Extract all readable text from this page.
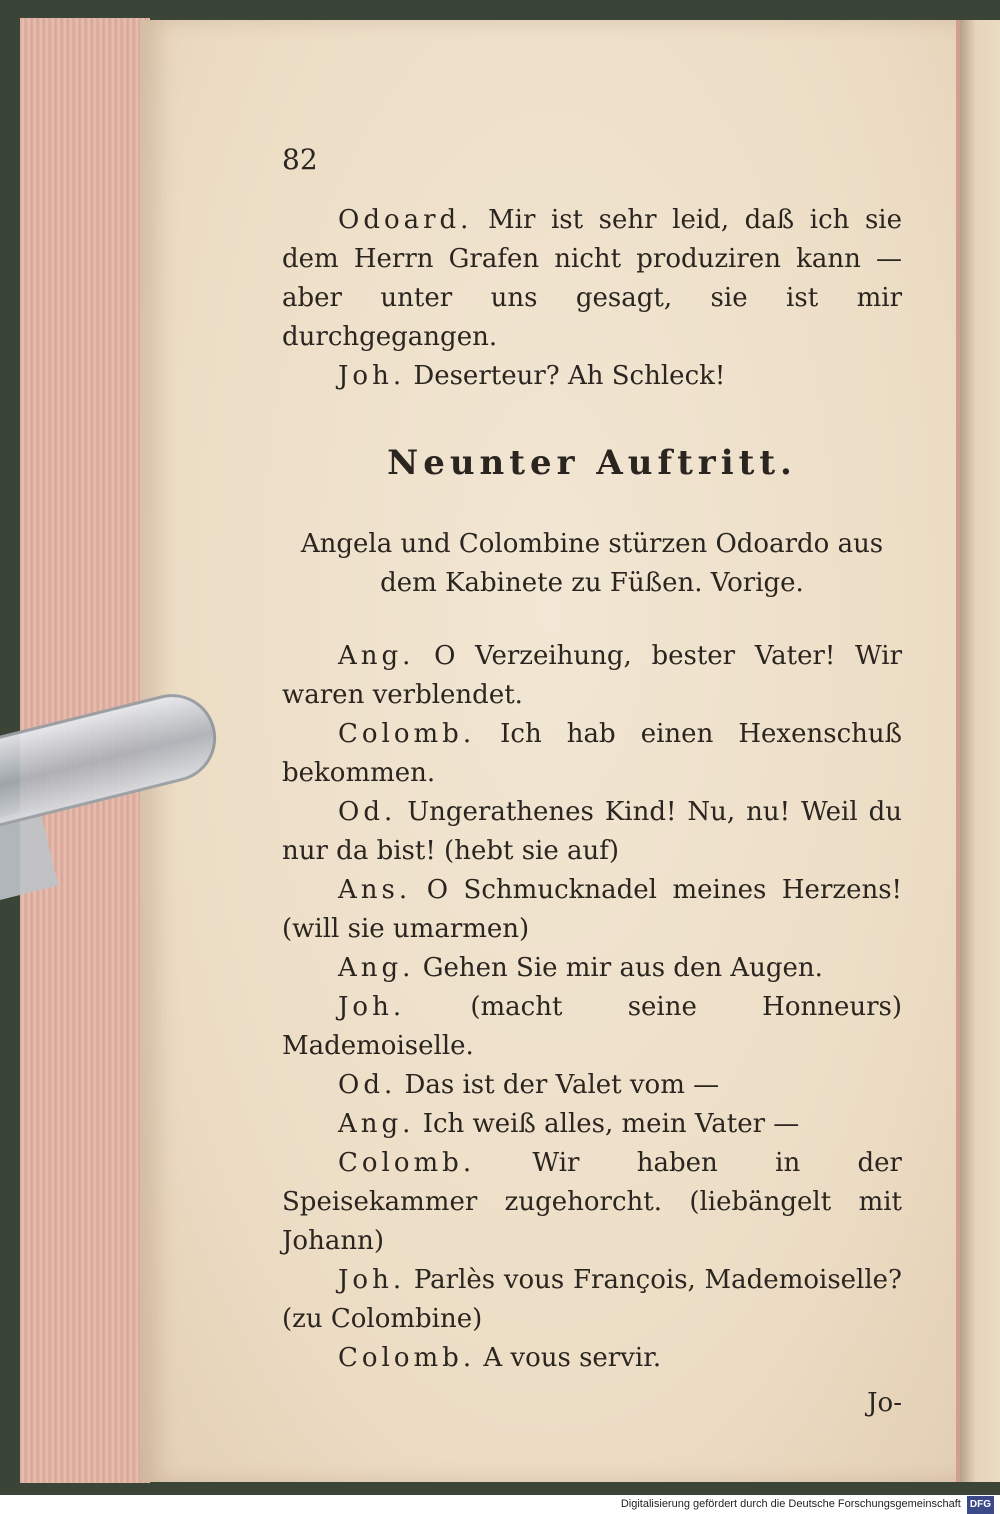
82

Odoard. Mir ist sehr leid, daß ich sie dem Herrn Grafen nicht produziren kann — aber unter uns gesagt, sie ist mir durchgegangen.

Joh. Deserteur? Ah Schleck!

Neunter Auftritt.
Angela und Colombine stürzen Odoardo aus dem Kabinete zu Füßen. Vorige.

Ang. O Verzeihung, bester Vater! Wir waren verblendet.

Colomb. Ich hab einen Hexenschuß bekommen.

Od. Ungerathenes Kind! Nu, nu! Weil du nur da bist! (hebt sie auf)

Ans. O Schmucknadel meines Herzens! (will sie umarmen)

Ang. Gehen Sie mir aus den Augen.

Joh.	(macht seine Honneurs) Mademoiselle.

Od. Das ist der Valet vom —

Ang. Ich weiß alles, mein Vater —

Colomb. Wir haben in der Speisekammer zugehorcht. (liebängelt mit Johann)

Joh. Parlès vous François, Mademoiselle? (zu Colombine)

Colomb. A vous servir.

Jo-
Digitalisierung gefördert durch die Deutsche Forschungsgemeinschaft DFG
